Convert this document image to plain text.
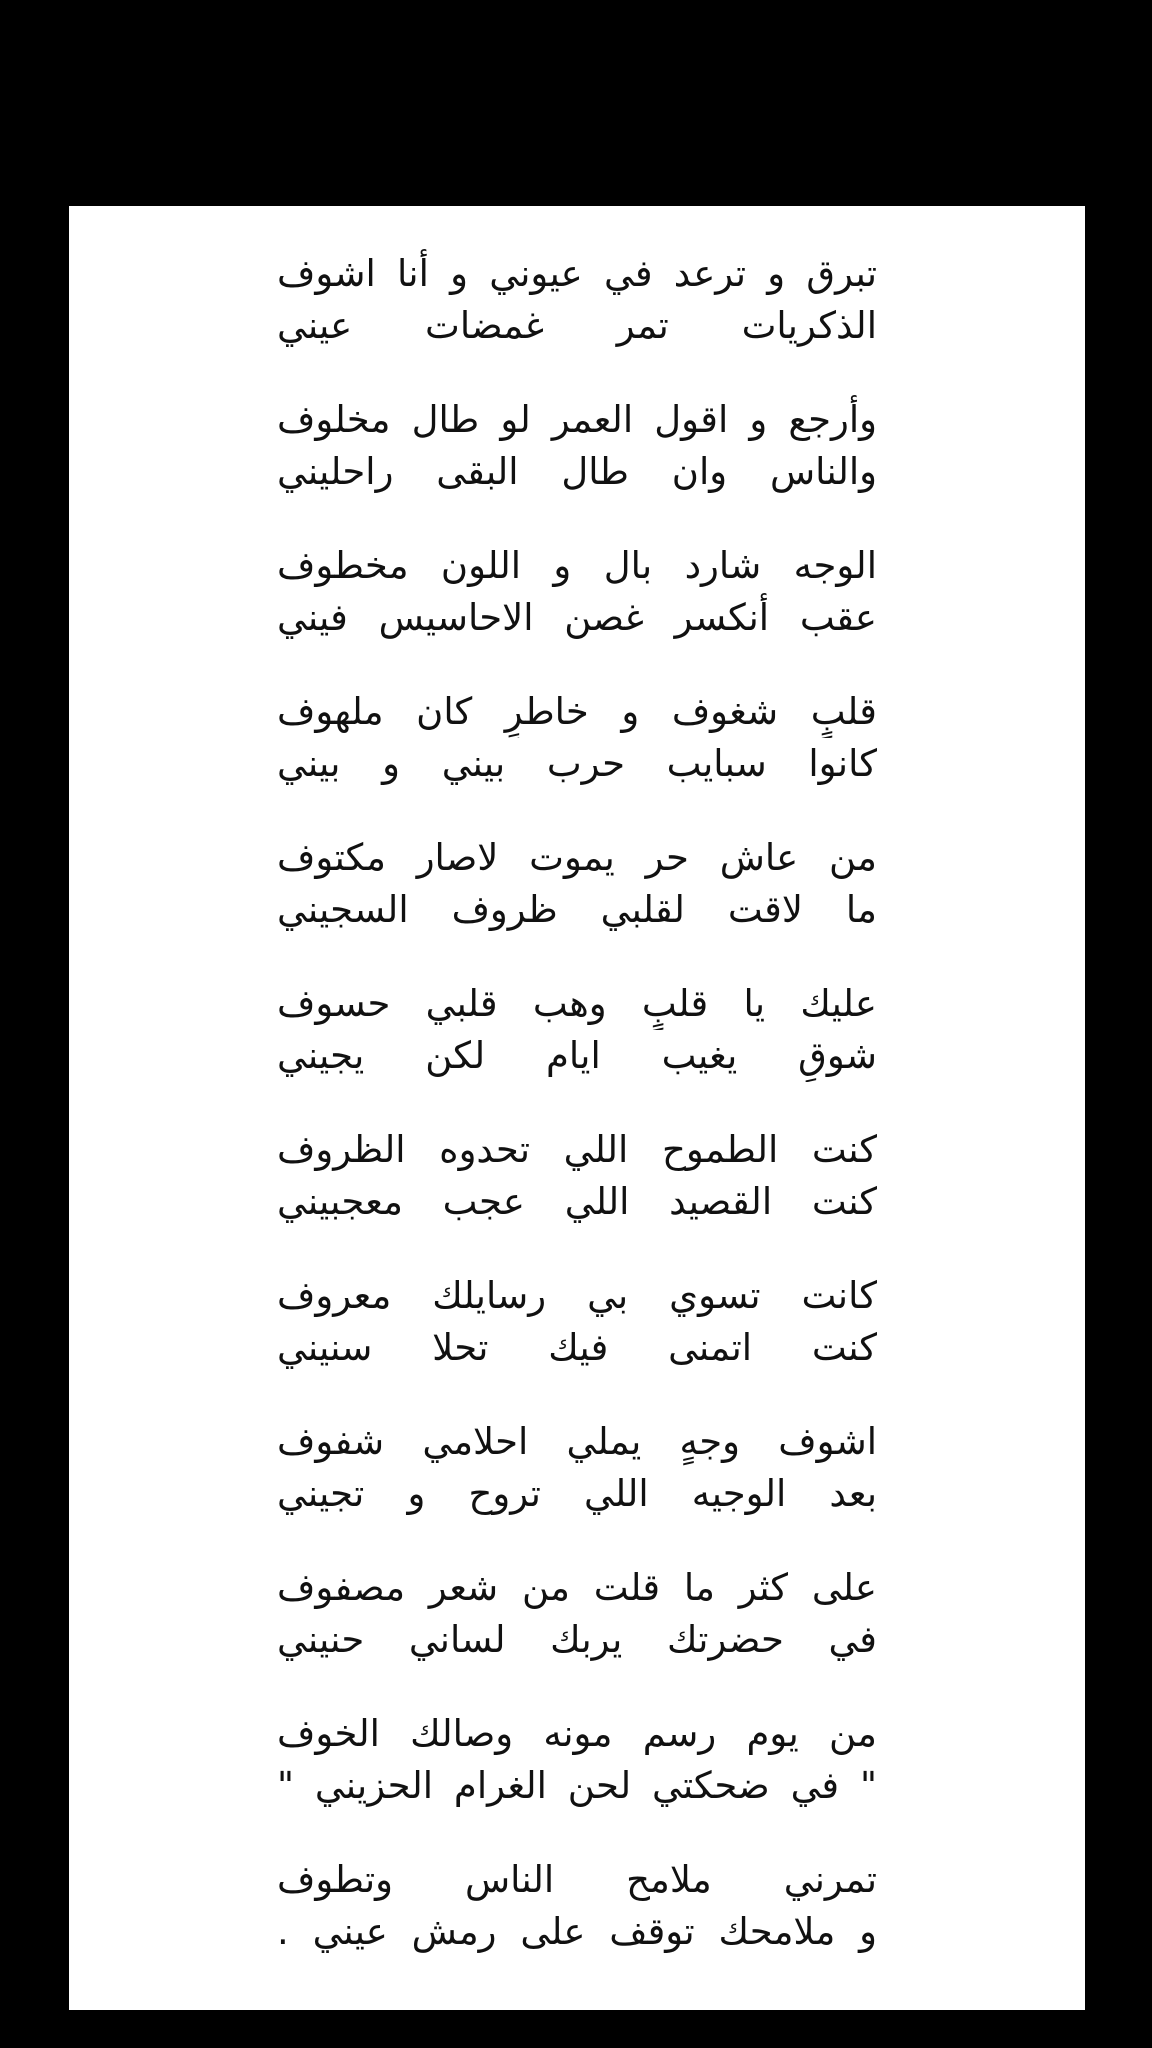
تبرق و ترعد في عيوني و أنا اشوف
الذكريات تمر غمضات عيني
وأرجع و اقول العمر لو طال مخلوف
والناس وان طال البقى راحليني
الوجه شارد بال و اللون مخطوف
عقب أنكسر غصن الاحاسيس فيني
قلبٍ شغوف و خاطرٍ كان ملهوف
كانوا سبايب حرب بيني و بيني
من عاش حر يموت لاصار مكتوف
ما لاقت لقلبي ظروف السجيني
عليك يا قلبٍ وهب قلبي حسوف
شوقٍ يغيب ايام لكن يجيني
كنت الطموح اللي تحدوه الظروف
كنت القصيد اللي عجب معجبيني
كانت تسوي بي رسايلك معروف
كنت اتمنى فيك تحلا سنيني
اشوف وجهٍ يملي احلامي شفوف
بعد الوجيه اللي تروح و تجيني
على كثر ما قلت من شعر مصفوف
في حضرتك يربك لساني حنيني
من يوم رسم مونه وصالك الخوف
" في ضحكتي لحن الغرام الحزيني "
تمرني ملامح الناس وتطوف
و ملامحك توقف على رمش عيني .
